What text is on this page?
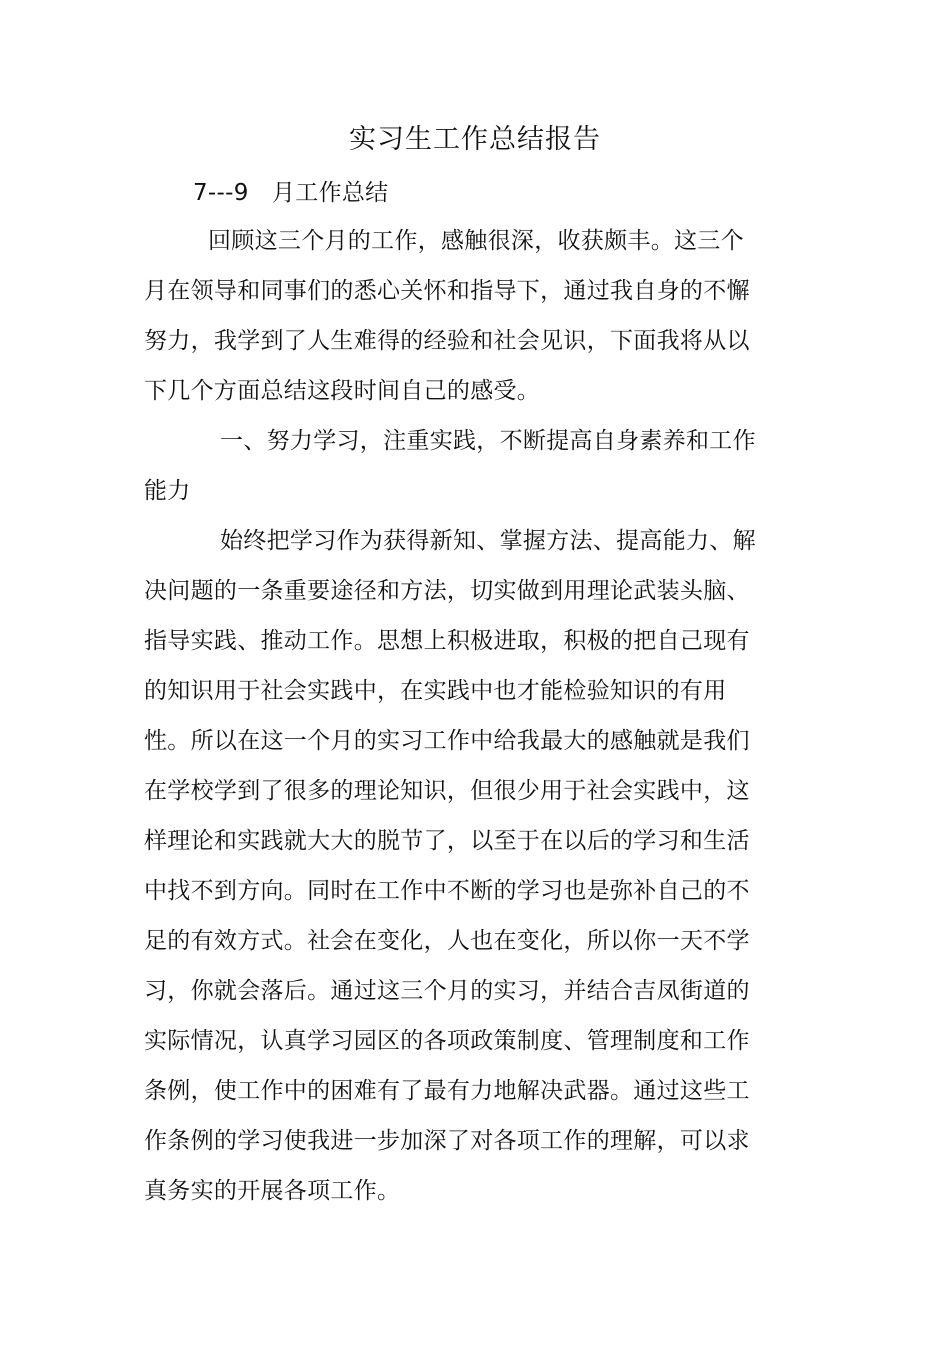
实习生工作总结报告
7---9　月工作总结
回顾这三个月的工作，感触很深，收获颇丰。这三个
月在领导和同事们的悉心关怀和指导下，通过我自身的不懈
努力，我学到了人生难得的经验和社会见识，下面我将从以
下几个方面总结这段时间自己的感受。
一、努力学习，注重实践，不断提高自身素养和工作
能力
始终把学习作为获得新知、掌握方法、提高能力、解
决问题的一条重要途径和方法，切实做到用理论武装头脑、
指导实践、推动工作。思想上积极进取，积极的把自己现有
的知识用于社会实践中，在实践中也才能检验知识的有用
性。所以在这一个月的实习工作中给我最大的感触就是我们
在学校学到了很多的理论知识，但很少用于社会实践中，这
样理论和实践就大大的脱节了，以至于在以后的学习和生活
中找不到方向。同时在工作中不断的学习也是弥补自己的不
足的有效方式。社会在变化，人也在变化，所以你一天不学
习，你就会落后。通过这三个月的实习，并结合吉凤街道的
实际情况，认真学习园区的各项政策制度、管理制度和工作
条例，使工作中的困难有了最有力地解决武器。通过这些工
作条例的学习使我进一步加深了对各项工作的理解，可以求
真务实的开展各项工作。
